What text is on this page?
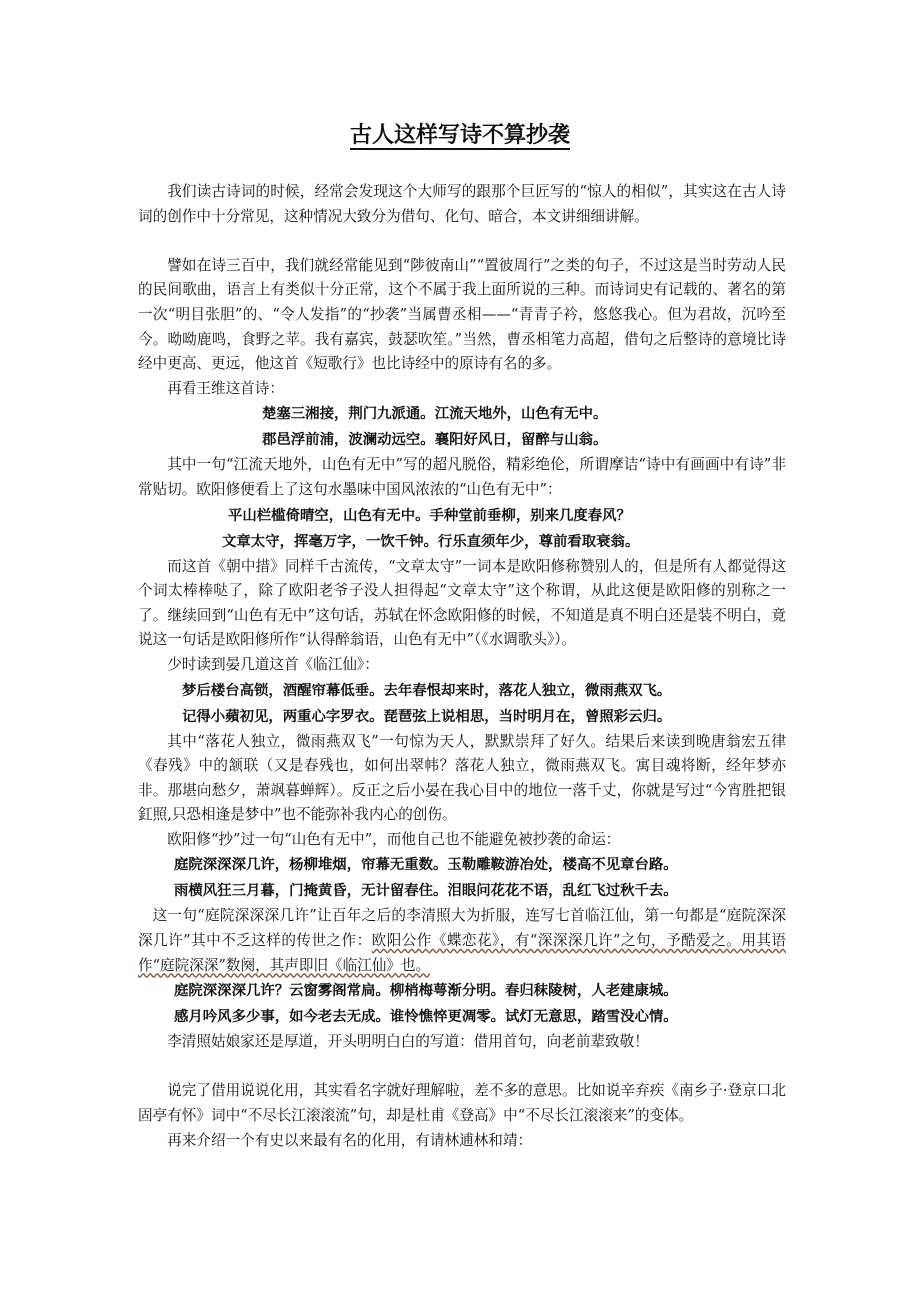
古人这样写诗不算抄袭

我们读古诗词的时候，经常会发现这个大师写的跟那个巨匠写的“惊人的相似”，其实这在古人诗词的创作中十分常见，这种情况大致分为借句、化句、暗合，本文讲细细讲解。

譬如在诗三百中，我们就经常能见到“陟彼南山”“置彼周行”之类的句子，不过这是当时劳动人民的民间歌曲，语言上有类似十分正常，这个不属于我上面所说的三种。而诗词史有记载的、著名的第一次“明目张胆”的、“令人发指”的“抄袭”当属曹丞相——“青青子衿，悠悠我心。但为君故，沉吟至今。呦呦鹿鸣，食野之苹。我有嘉宾，鼓瑟吹笙。”当然，曹丞相笔力高超，借句之后整诗的意境比诗经中更高、更远，他这首《短歌行》也比诗经中的原诗有名的多。

再看王维这首诗：

楚塞三湘接，荆门九派通。江流天地外，山色有无中。
郡邑浮前浦，波澜动远空。襄阳好风日，留醉与山翁。

其中一句“江流天地外，山色有无中”写的超凡脱俗，精彩绝伦，所谓摩诘“诗中有画画中有诗”非常贴切。欧阳修便看上了这句水墨味中国风浓浓的“山色有无中”：

平山栏槛倚晴空，山色有无中。手种堂前垂柳，别来几度春风？
文章太守，挥毫万字，一饮千钟。行乐直须年少，尊前看取衰翁。

而这首《朝中措》同样千古流传，“文章太守”一词本是欧阳修称赞别人的，但是所有人都觉得这个词太棒棒哒了，除了欧阳老爷子没人担得起“文章太守”这个称谓，从此这便是欧阳修的别称之一了。继续回到“山色有无中”这句话，苏轼在怀念欧阳修的时候，不知道是真不明白还是装不明白，竟说这一句话是欧阳修所作“认得醉翁语，山色有无中”（《水调歌头》）。

少时读到晏几道这首《临江仙》：

梦后楼台高锁，酒醒帘幕低垂。去年春恨却来时，落花人独立，微雨燕双飞。
记得小蘋初见，两重心字罗衣。琵琶弦上说相思，当时明月在，曾照彩云归。

其中“落花人独立，微雨燕双飞”一句惊为天人，默默崇拜了好久。结果后来读到晚唐翁宏五律《春残》中的颔联（又是春残也，如何出翠帏？落花人独立，微雨燕双飞。寓目魂将断，经年梦亦非。那堪向愁夕，萧飒暮蝉辉）。反正之后小晏在我心目中的地位一落千丈，你就是写过“今宵胜把银釭照,只恐相逢是梦中”也不能弥补我内心的创伤。

欧阳修“抄”过一句“山色有无中”，而他自己也不能避免被抄袭的命运：

庭院深深深几许，杨柳堆烟，帘幕无重数。玉勒雕鞍游冶处，楼高不见章台路。
雨横风狂三月暮，门掩黄昏，无计留春住。泪眼问花花不语，乱红飞过秋千去。

这一句“庭院深深深几许”让百年之后的李清照大为折服，连写七首临江仙，第一句都是“庭院深深深几许”其中不乏这样的传世之作：欧阳公作《蝶恋花》，有“深深深几许”之句，予酷爱之。用其语作“庭院深深”数阕，其声即旧《临江仙》也。

庭院深深深几许？云窗雾阁常扃。柳梢梅萼渐分明。春归秣陵树，人老建康城。
感月吟风多少事，如今老去无成。谁怜憔悴更凋零。试灯无意思，踏雪没心情。

李清照姑娘家还是厚道，开头明明白白的写道：借用首句，向老前辈致敬！

说完了借用说说化用，其实看名字就好理解啦，差不多的意思。比如说辛弃疾《南乡子·登京口北固亭有怀》词中“不尽长江滚滚流”句，却是杜甫《登高》中“不尽长江滚滚来”的变体。

再来介绍一个有史以来最有名的化用，有请林逋林和靖：
